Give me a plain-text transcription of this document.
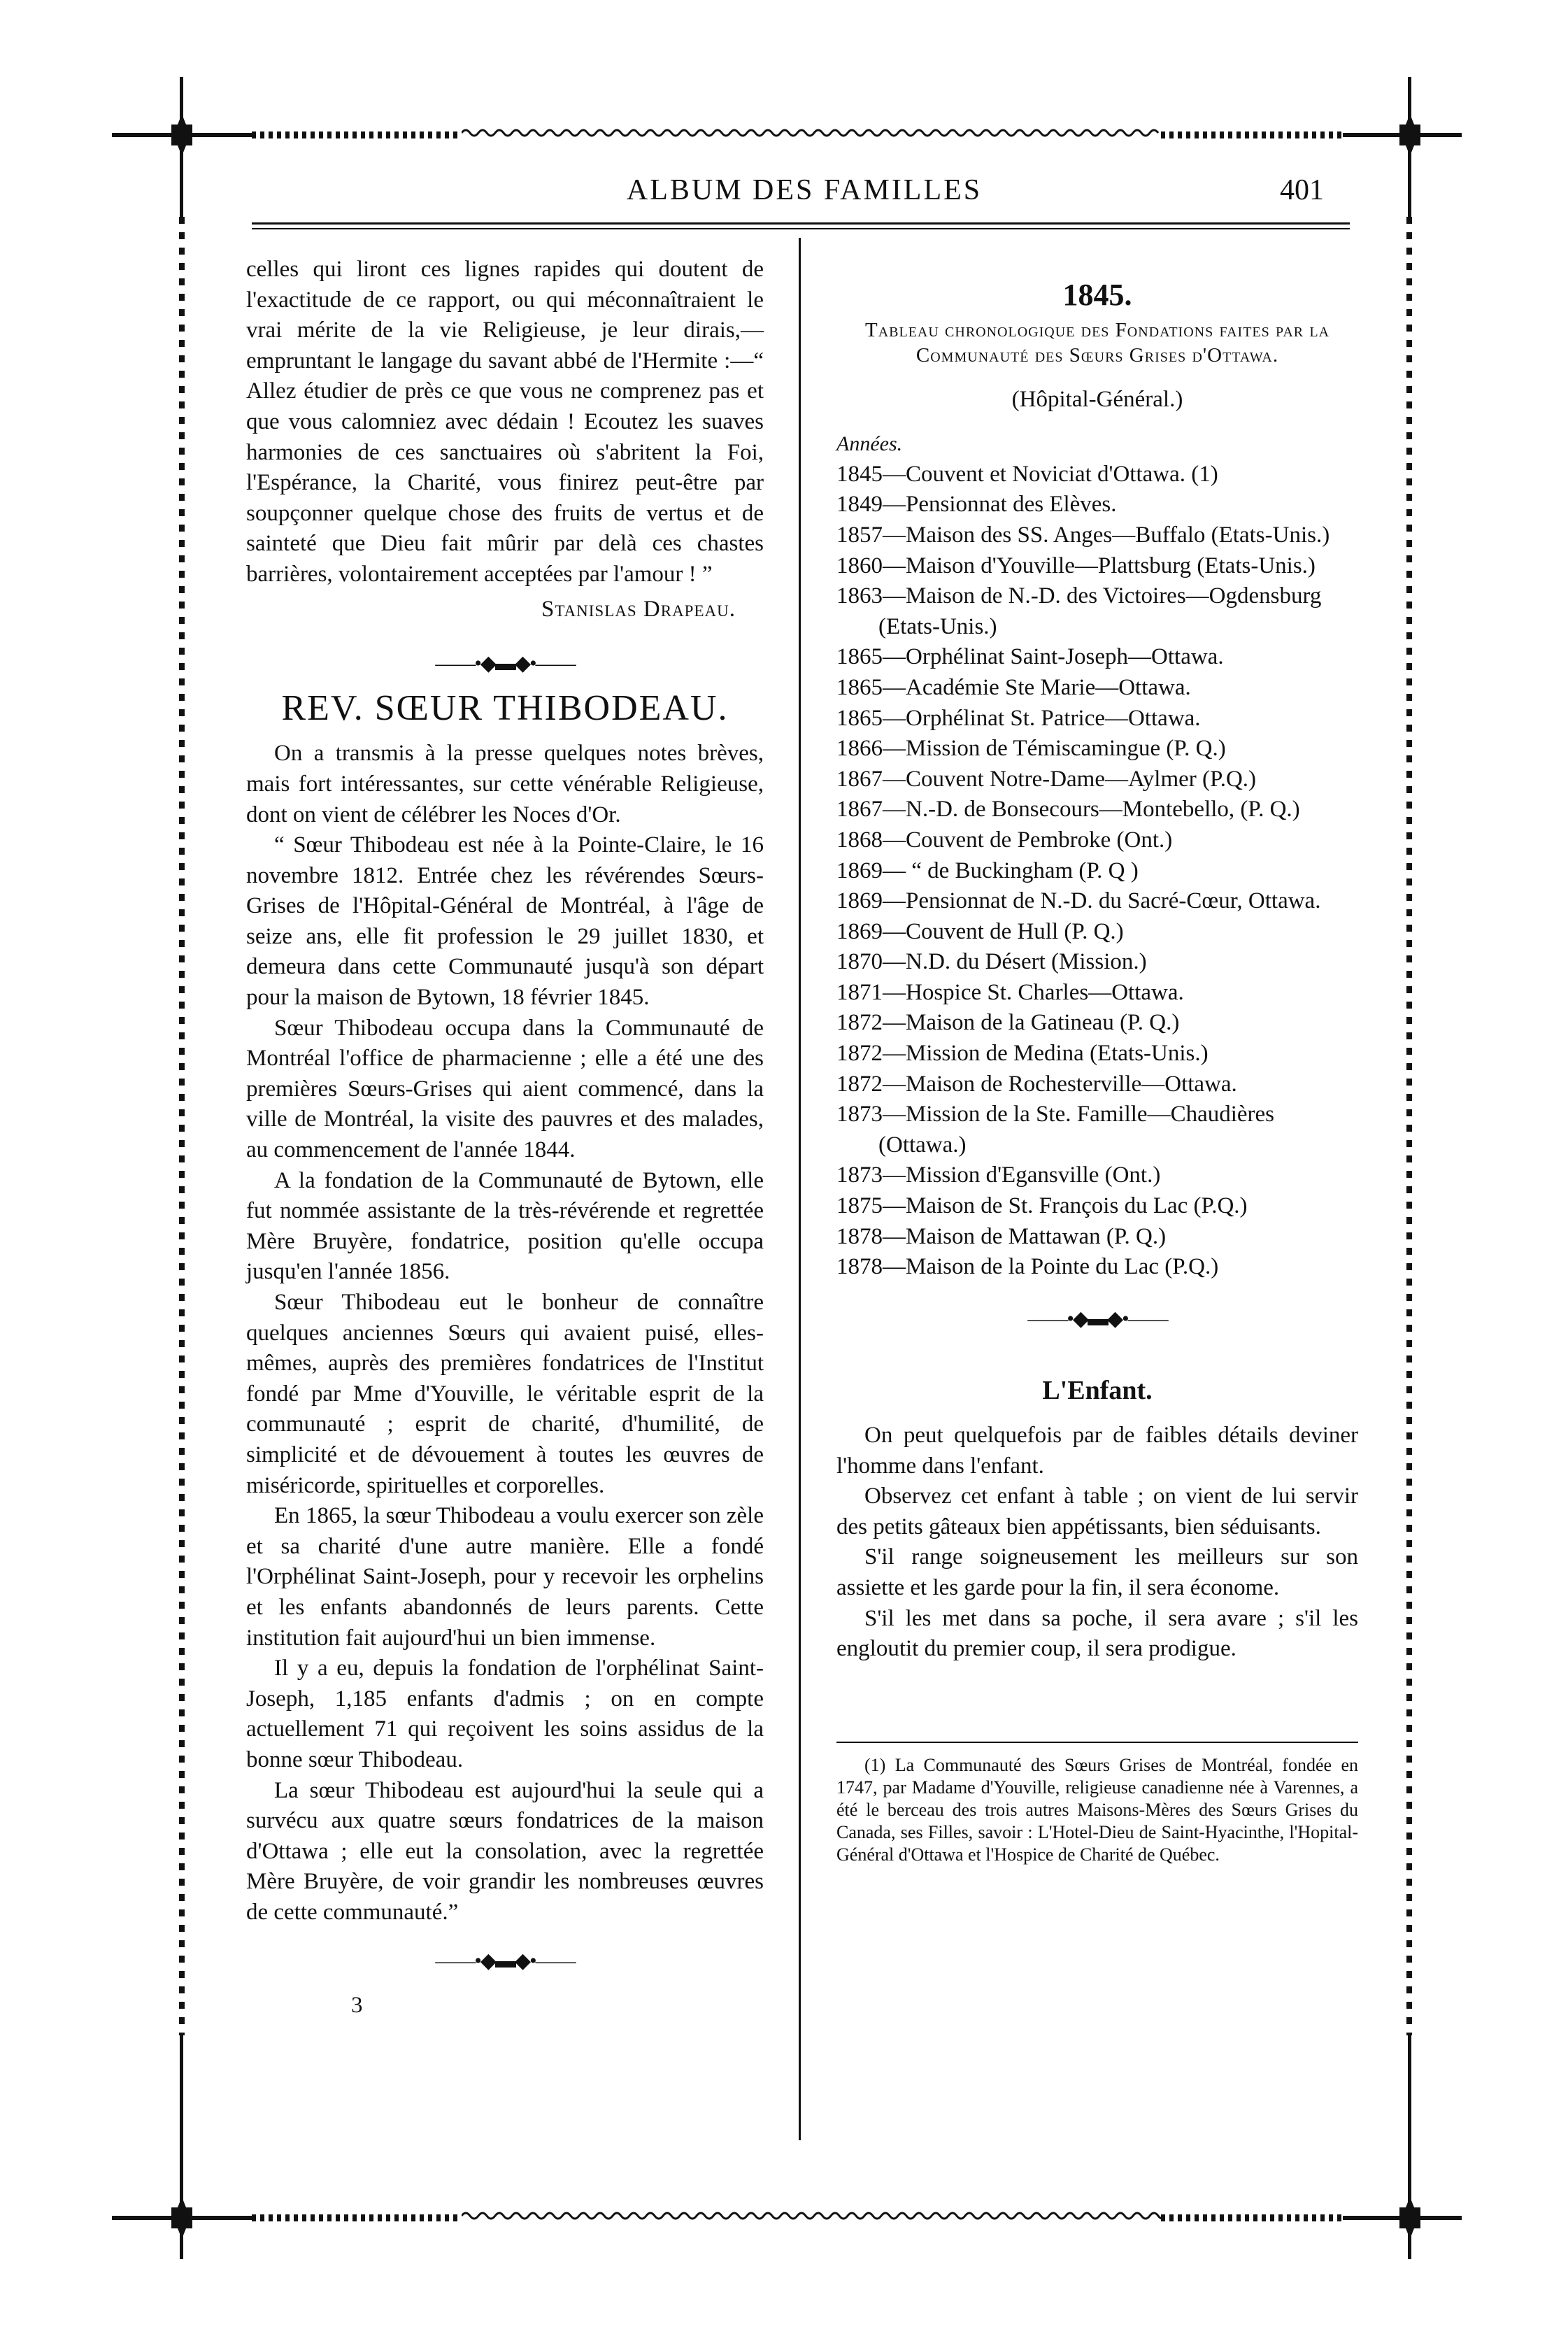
ALBUM DES FAMILLES	401

celles qui liront ces lignes rapides qui doutent de l'exactitude de ce rapport, ou qui méconnaîtraient le vrai mérite de la vie Religieuse, je leur dirais,—empruntant le langage du savant abbé de l'Hermite :—“ Allez étudier de près ce que vous ne comprenez pas et que vous calomniez avec dédain ! Ecoutez les suaves harmonies de ces sanctuaires où s'abritent la Foi, l'Espérance, la Charité, vous finirez peut-être par soupçonner quelque chose des fruits de vertus et de sainteté que Dieu fait mûrir par delà ces chastes barrières, volontairement acceptées par l'amour ! ”

Stanislas Drapeau.

——•◆▬◆•——
REV. SŒUR THIBODEAU.

On a transmis à la presse quelques notes brèves, mais fort intéressantes, sur cette vénérable Religieuse, dont on vient de célébrer les Noces d'Or.

“ Sœur Thibodeau est née à la Pointe-Claire, le 16 novembre 1812. Entrée chez les révérendes Sœurs-Grises de l'Hôpital-Général de Montréal, à l'âge de seize ans, elle fit profession le 29 juillet 1830, et demeura dans cette Communauté jusqu'à son départ pour la maison de Bytown, 18 février 1845.

Sœur Thibodeau occupa dans la Communauté de Montréal l'office de pharmacienne ; elle a été une des premières Sœurs-Grises qui aient commencé, dans la ville de Montréal, la visite des pauvres et des malades, au commencement de l'année 1844.

A la fondation de la Communauté de Bytown, elle fut nommée assistante de la très-révérende et regrettée Mère Bruyère, fondatrice, position qu'elle occupa jusqu'en l'année 1856.

Sœur Thibodeau eut le bonheur de connaître quelques anciennes Sœurs qui avaient puisé, elles-mêmes, auprès des premières fondatrices de l'Institut fondé par Mme d'Youville, le véritable esprit de la communauté ; esprit de charité, d'humilité, de simplicité et de dévouement à toutes les œuvres de miséricorde, spirituelles et corporelles.

En 1865, la sœur Thibodeau a voulu exercer son zèle et sa charité d'une autre manière. Elle a fondé l'Orphélinat Saint-Joseph, pour y recevoir les orphelins et les enfants abandonnés de leurs parents. Cette institution fait aujourd'hui un bien immense.

Il y a eu, depuis la fondation de l'orphélinat Saint-Joseph, 1,185 enfants d'admis ; on en compte actuellement 71 qui reçoivent les soins assidus de la bonne sœur Thibodeau.

La sœur Thibodeau est aujourd'hui la seule qui a survécu aux quatre sœurs fondatrices de la maison d'Ottawa ; elle eut la consolation, avec la regrettée Mère Bruyère, de voir grandir les nombreuses œuvres de cette communauté.”

——•◆▬◆•——
3
1845.

Tableau chronologique des Fondations faites par la Communauté des Sœurs Grises d'Ottawa.

(Hôpital-Général.)

Années.

1845—Couvent et Noviciat d'Ottawa. (1)
1849—Pensionnat des Elèves.
1857—Maison des SS. Anges—Buffalo (Etats-Unis.)
1860—Maison d'Youville—Plattsburg (Etats-Unis.)
1863—Maison de N.-D. des Victoires—Ogdensburg (Etats-Unis.)
1865—Orphélinat Saint-Joseph—Ottawa.
1865—Académie Ste Marie—Ottawa.
1865—Orphélinat St. Patrice—Ottawa.
1866—Mission de Témiscamingue (P. Q.)
1867—Couvent Notre-Dame—Aylmer (P.Q.)
1867—N.-D. de Bonsecours—Montebello, (P. Q.)
1868—Couvent de Pembroke (Ont.)
1869— “ de Buckingham (P. Q )
1869—Pensionnat de N.-D. du Sacré-Cœur, Ottawa.
1869—Couvent de Hull (P. Q.)
1870—N.D. du Désert (Mission.)
1871—Hospice St. Charles—Ottawa.
1872—Maison de la Gatineau (P. Q.)
1872—Mission de Medina (Etats-Unis.)
1872—Maison de Rochesterville—Ottawa.
1873—Mission de la Ste. Famille—Chaudières (Ottawa.)
1873—Mission d'Egansville (Ont.)
1875—Maison de St. François du Lac (P.Q.)
1878—Maison de Mattawan (P. Q.)
1878—Maison de la Pointe du Lac (P.Q.)
——•◆▬◆•——
L'Enfant.

On peut quelquefois par de faibles détails deviner l'homme dans l'enfant.

Observez cet enfant à table ; on vient de lui servir des petits gâteaux bien appétissants, bien séduisants.

S'il range soigneusement les meilleurs sur son assiette et les garde pour la fin, il sera économe.

S'il les met dans sa poche, il sera avare ; s'il les engloutit du premier coup, il sera prodigue.

(1) La Communauté des Sœurs Grises de Montréal, fondée en 1747, par Madame d'Youville, religieuse canadienne née à Varennes, a été le berceau des trois autres Maisons-Mères des Sœurs Grises du Canada, ses Filles, savoir : L'Hotel-Dieu de Saint-Hyacinthe, l'Hopital-Général d'Ottawa et l'Hospice de Charité de Québec.
